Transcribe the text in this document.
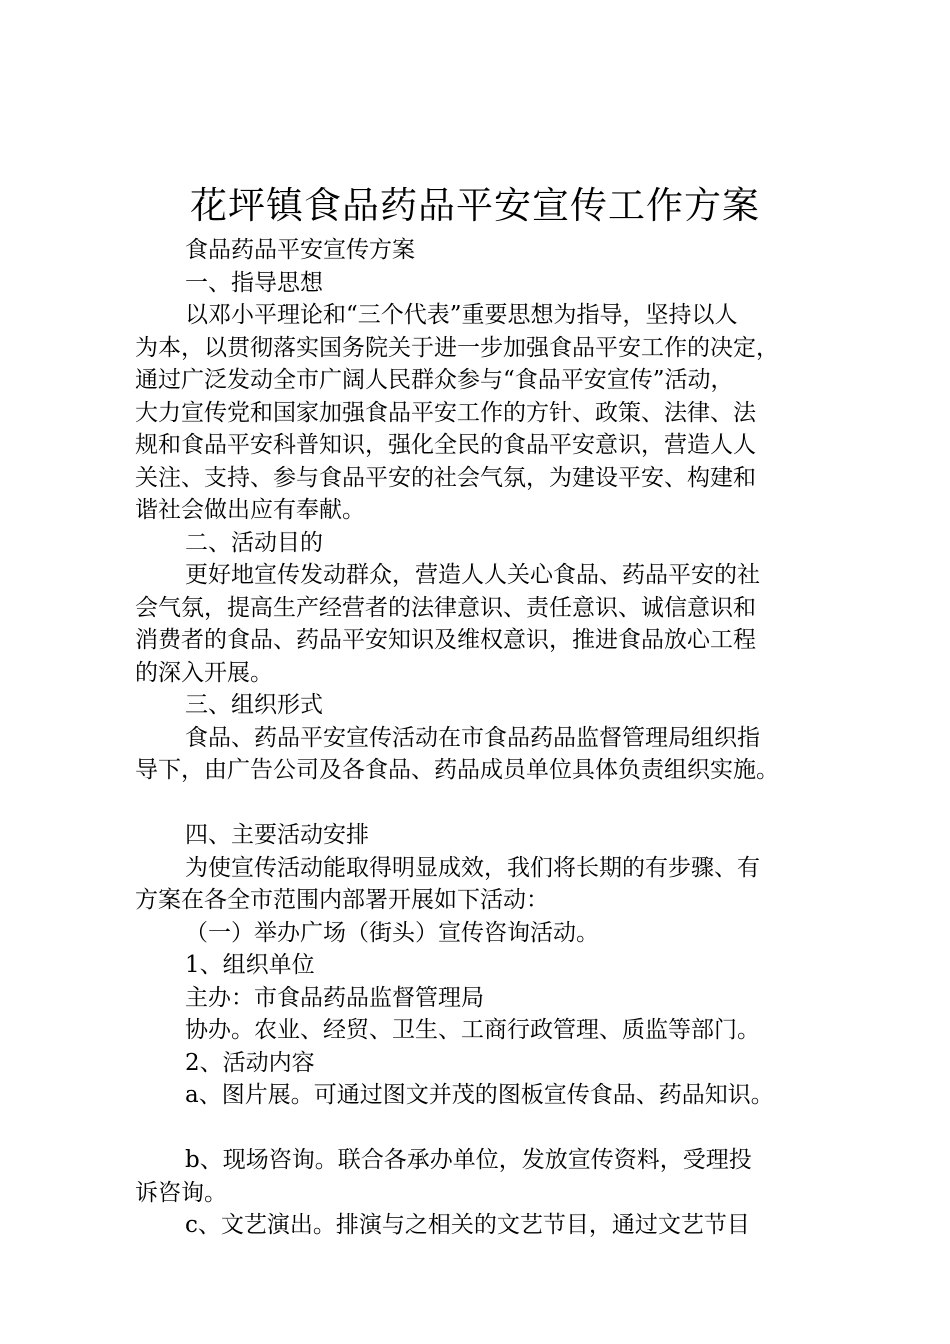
花坪镇食品药品平安宣传工作方案

食品药品平安宣传方案

一、指导思想

以邓小平理论和“三个代表”重要思想为指导，坚持以人

为本，以贯彻落实国务院关于进一步加强食品平安工作的决定，

通过广泛发动全市广阔人民群众参与“食品平安宣传”活动，

大力宣传党和国家加强食品平安工作的方针、政策、法律、法

规和食品平安科普知识，强化全民的食品平安意识，营造人人

关注、支持、参与食品平安的社会气氛，为建设平安、构建和

谐社会做出应有奉献。

二、活动目的

更好地宣传发动群众，营造人人关心食品、药品平安的社

会气氛，提高生产经营者的法律意识、责任意识、诚信意识和

消费者的食品、药品平安知识及维权意识，推进食品放心工程

的深入开展。

三、组织形式

食品、药品平安宣传活动在市食品药品监督管理局组织指

导下，由广告公司及各食品、药品成员单位具体负责组织实施。

四、主要活动安排

为使宣传活动能取得明显成效，我们将长期的有步骤、有

方案在各全市范围内部署开展如下活动：

（一）举办广场（街头）宣传咨询活动。

1、组织单位

主办：市食品药品监督管理局

协办。农业、经贸、卫生、工商行政管理、质监等部门。

2、活动内容

a、图片展。可通过图文并茂的图板宣传食品、药品知识。

b、现场咨询。联合各承办单位，发放宣传资料，受理投

诉咨询。

c、文艺演出。排演与之相关的文艺节目，通过文艺节目
